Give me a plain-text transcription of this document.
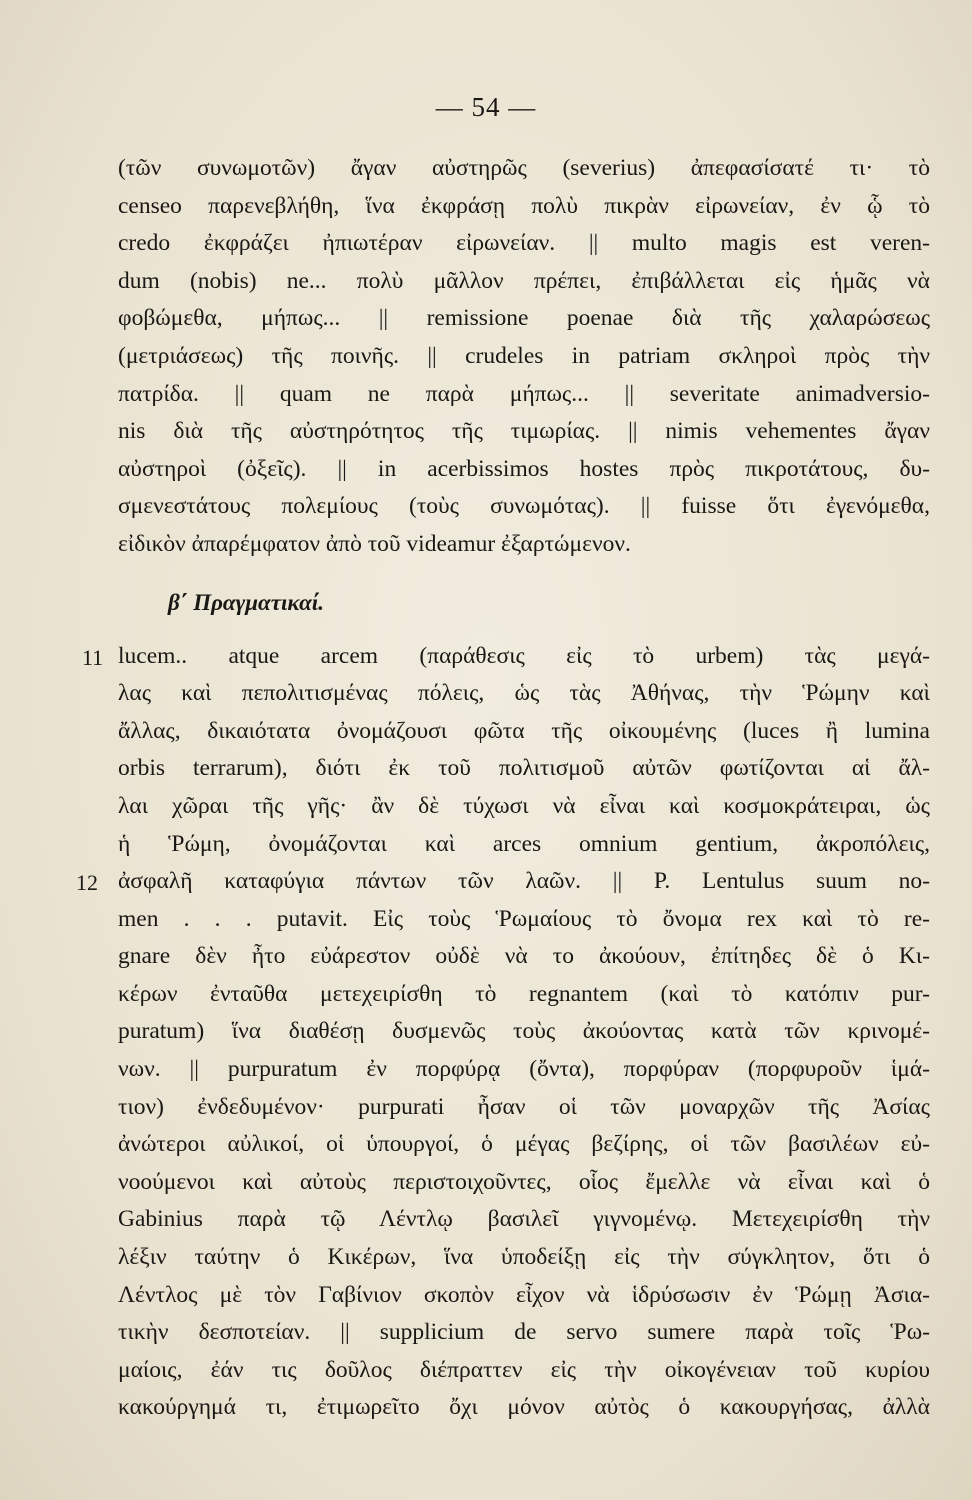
— 54 —
(τῶν συνωμοτῶν) ἄγαν αὐστηρῶς (severius) ἀπεφασίσατέ τι· τὸ
censeo παρενεβλήθη, ἵνα ἐκφράσῃ πολὺ πικρὰν εἰρωνείαν, ἐν ᾧ τὸ
credo ἐκφράζει ἠπιωτέραν εἰρωνείαν. || multo magis est veren-
dum (nobis) ne... πολὺ μᾶλλον πρέπει, ἐπιβάλλεται εἰς ἡμᾶς νὰ
φοβώμεθα, μήπως... || remissione poenae διὰ τῆς χαλαρώσεως
(μετριάσεως) τῆς ποινῆς. || crudeles in patriam σκληροὶ πρὸς τὴν
πατρίδα. || quam ne παρὰ μήπως... || severitate animadversio-
nis διὰ τῆς αὐστηρότητος τῆς τιμωρίας. || nimis vehementes ἄγαν
αὐστηροὶ (ὀξεῖς). || in acerbissimos hostes πρὸς πικροτάτους, δυ-
σμενεστάτους πολεμίους (τοὺς συνωμότας). || fuisse ὅτι ἐγενόμεθα,
εἰδικὸν ἀπαρέμφατον ἀπὸ τοῦ videamur ἐξαρτώμενον.
β΄ Πραγματικαί.
lucem.. atque arcem (παράθεσις εἰς τὸ urbem) τὰς μεγά-
λας καὶ πεπολιτισμένας πόλεις, ὡς τὰς Ἀθήνας, τὴν Ῥώμην καὶ
ἄλλας, δικαιότατα ὀνομάζουσι φῶτα τῆς οἰκουμένης (luces ἢ lumina
orbis terrarum), διότι ἐκ τοῦ πολιτισμοῦ αὐτῶν φωτίζονται αἱ ἄλ-
λαι χῶραι τῆς γῆς· ἂν δὲ τύχωσι νὰ εἶναι καὶ κοσμοκράτειραι, ὡς
ἡ Ῥώμη, ὀνομάζονται καὶ arces omnium gentium, ἀκροπόλεις,
ἀσφαλῆ καταφύγια πάντων τῶν λαῶν. || P. Lentulus suum no-
men . . . putavit. Εἰς τοὺς Ῥωμαίους τὸ ὄνομα rex καὶ τὸ re-
gnare δὲν ἦτο εὐάρεστον οὐδὲ νὰ το ἀκούουν, ἐπίτηδες δὲ ὁ Κι-
κέρων ἐνταῦθα μετεχειρίσθη τὸ regnantem (καὶ τὸ κατόπιν pur-
puratum) ἵνα διαθέσῃ δυσμενῶς τοὺς ἀκούοντας κατὰ τῶν κρινομέ-
νων. || purpuratum ἐν πορφύρᾳ (ὄντα), πορφύραν (πορφυροῦν ἱμά-
τιον) ἐνδεδυμένον· purpurati ἦσαν οἱ τῶν μοναρχῶν τῆς Ἀσίας
ἀνώτεροι αὐλικοί, οἱ ὑπουργοί, ὁ μέγας βεζίρης, οἱ τῶν βασιλέων εὐ-
νοούμενοι καὶ αὐτοὺς περιστοιχοῦντες, οἷος ἔμελλε νὰ εἶναι καὶ ὁ
Gabinius παρὰ τῷ Λέντλῳ βασιλεῖ γιγνομένῳ. Μετεχειρίσθη τὴν
λέξιν ταύτην ὁ Κικέρων, ἵνα ὑποδείξῃ εἰς τὴν σύγκλητον, ὅτι ὁ
Λέντλος μὲ τὸν Γαβίνιον σκοπὸν εἶχον νὰ ἱδρύσωσιν ἐν Ῥώμῃ Ἀσια-
τικὴν δεσποτείαν. || supplicium de servo sumere παρὰ τοῖς Ῥω-
μαίοις, ἐάν τις δοῦλος διέπραττεν εἰς τὴν οἰκογένειαν τοῦ κυρίου
κακούργημά τι, ἐτιμωρεῖτο ὄχι μόνον αὐτὸς ὁ κακουργήσας, ἀλλὰ
11
12
